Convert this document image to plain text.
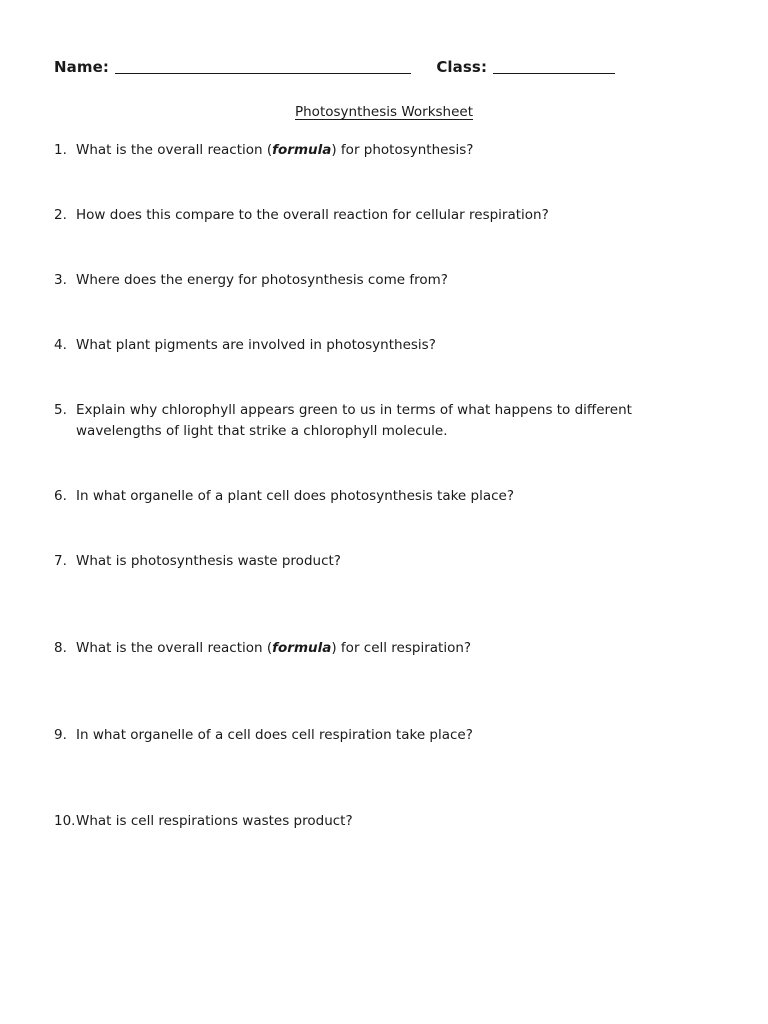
Name:	Class:
Photosynthesis Worksheet
1. What is the overall reaction (formula) for photosynthesis?
2. How does this compare to the overall reaction for cellular respiration?
3. Where does the energy for photosynthesis come from?
4. What plant pigments are involved in photosynthesis?
5. Explain why chlorophyll appears green to us in terms of what happens to different wavelengths of light that strike a chlorophyll molecule.
6. In what organelle of a plant cell does photosynthesis take place?
7. What is photosynthesis waste product?
8. What is the overall reaction (formula) for cell respiration?
9. In what organelle of a cell does cell respiration take place?
10. What is cell respirations wastes product?
